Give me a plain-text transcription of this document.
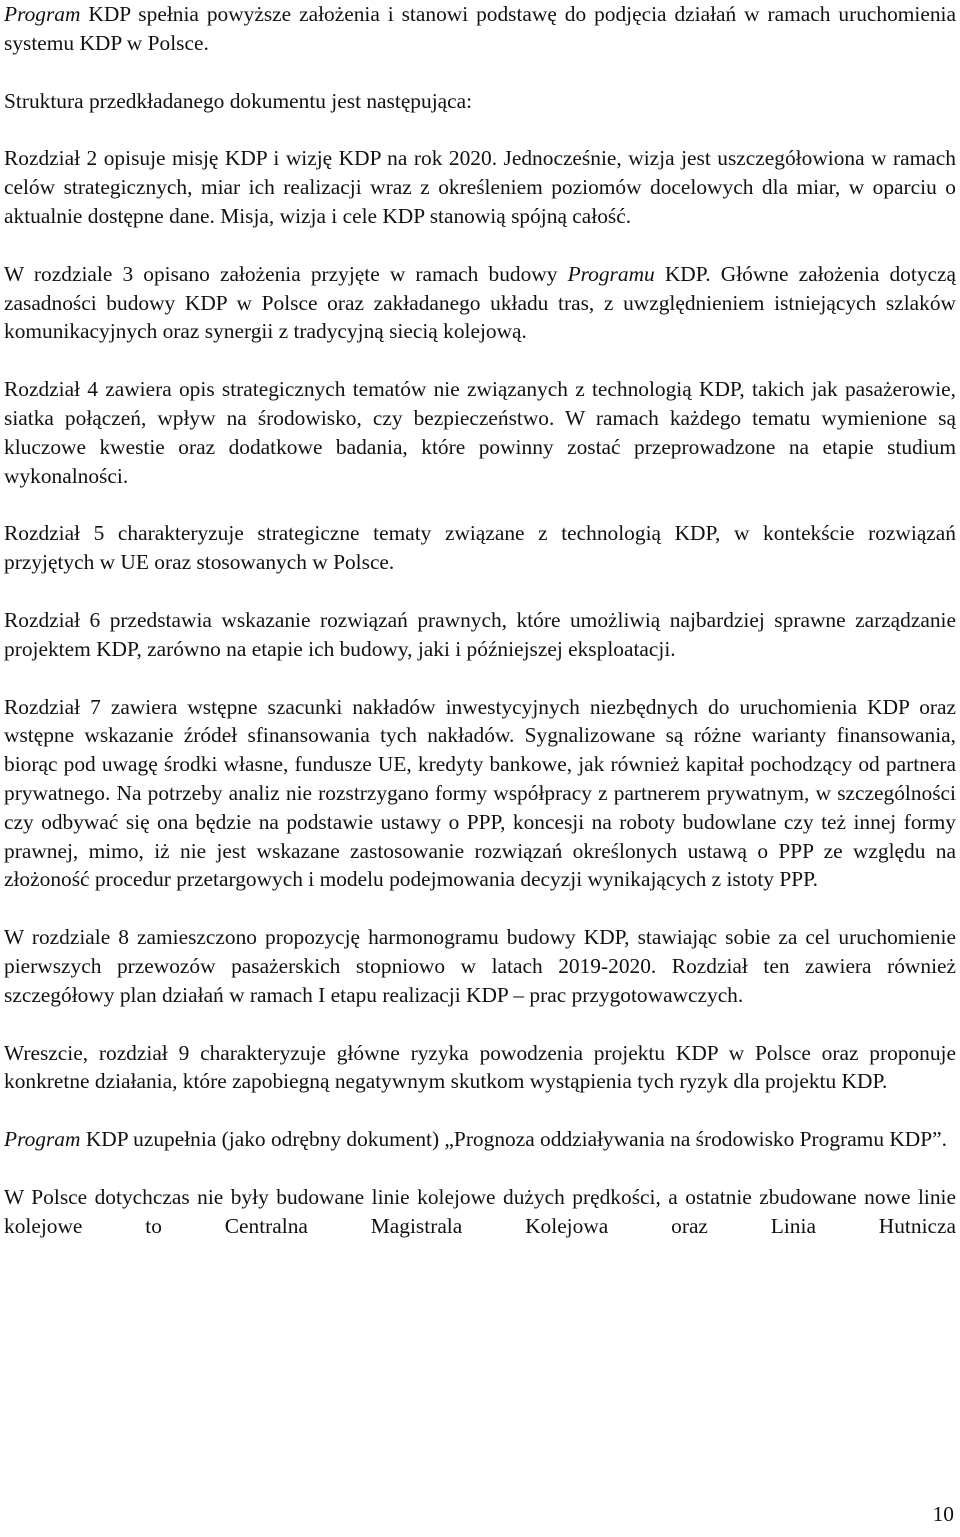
Program KDP spełnia powyższe założenia i stanowi podstawę do podjęcia działań w ramach uruchomienia systemu KDP w Polsce.

Struktura przedkładanego dokumentu jest następująca:

Rozdział 2 opisuje misję KDP i wizję KDP na rok 2020. Jednocześnie, wizja jest uszczegółowiona w ramach celów strategicznych, miar ich realizacji wraz z określeniem poziomów docelowych dla miar, w oparciu o aktualnie dostępne dane. Misja, wizja i cele KDP stanowią spójną całość.

W rozdziale 3 opisano założenia przyjęte w ramach budowy Programu KDP. Główne założenia dotyczą zasadności budowy KDP w Polsce oraz zakładanego układu tras, z uwzględnieniem istniejących szlaków komunikacyjnych oraz synergii z tradycyjną siecią kolejową.

Rozdział 4 zawiera opis strategicznych tematów nie związanych z technologią KDP, takich jak pasażerowie, siatka połączeń, wpływ na środowisko, czy bezpieczeństwo. W ramach każdego tematu wymienione są kluczowe kwestie oraz dodatkowe badania, które powinny zostać przeprowadzone na etapie studium wykonalności.

Rozdział 5 charakteryzuje strategiczne tematy związane z technologią KDP, w kontekście rozwiązań przyjętych w UE oraz stosowanych w Polsce.

Rozdział 6 przedstawia wskazanie rozwiązań prawnych, które umożliwią najbardziej sprawne zarządzanie projektem KDP, zarówno na etapie ich budowy, jaki i późniejszej eksploatacji.

Rozdział 7 zawiera wstępne szacunki nakładów inwestycyjnych niezbędnych do uruchomienia KDP oraz wstępne wskazanie źródeł sfinansowania tych nakładów. Sygnalizowane są różne warianty finansowania, biorąc pod uwagę środki własne, fundusze UE, kredyty bankowe, jak również kapitał pochodzący od partnera prywatnego. Na potrzeby analiz nie rozstrzygano formy współpracy z partnerem prywatnym, w szczególności czy odbywać się ona będzie na podstawie ustawy o PPP, koncesji na roboty budowlane czy też innej formy prawnej, mimo, iż nie jest wskazane zastosowanie rozwiązań określonych ustawą o PPP ze względu na złożoność procedur przetargowych i modelu podejmowania decyzji wynikających z istoty PPP.

W rozdziale 8 zamieszczono propozycję harmonogramu budowy KDP, stawiając sobie za cel uruchomienie pierwszych przewozów pasażerskich stopniowo w latach 2019-2020. Rozdział ten zawiera również szczegółowy plan działań w ramach I etapu realizacji KDP – prac przygotowawczych.

Wreszcie, rozdział 9 charakteryzuje główne ryzyka powodzenia projektu KDP w Polsce oraz proponuje konkretne działania, które zapobiegną negatywnym skutkom wystąpienia tych ryzyk dla projektu KDP.

Program KDP uzupełnia (jako odrębny dokument) „Prognoza oddziaływania na środowisko Programu KDP”.

W Polsce dotychczas nie były budowane linie kolejowe dużych prędkości, a ostatnie zbudowane nowe linie kolejowe to Centralna Magistrala Kolejowa oraz Linia Hutnicza

10
